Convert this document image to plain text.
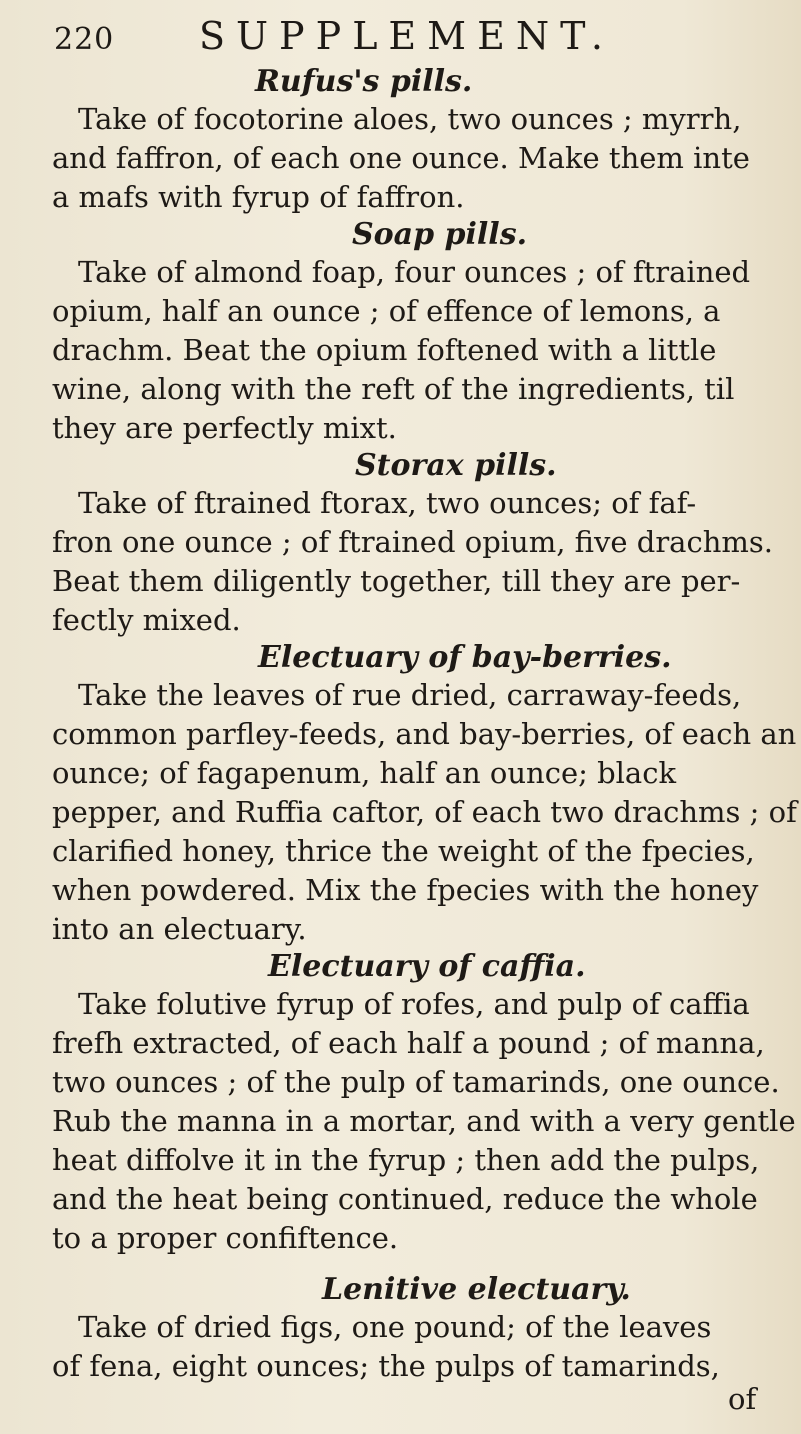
220 SUPPLEMENT.
Rufus's pills.
Take of focotorine aloes, two ounces ; myrrh,
and faffron, of each one ounce. Make them inte
a mafs with fyrup of faffron.
Soap pills.
Take of almond foap, four ounces ; of ftrained
opium, half an ounce ; of effence of lemons, a
drachm. Beat the opium foftened with a little
wine, along with the reft of the ingredients, til
they are perfectly mixt.
Storax pills.
Take of ftrained ftorax, two ounces; of faf-
fron one ounce ; of ftrained opium, five drachms.
Beat them diligently together, till they are per-
fectly mixed.
Electuary of bay-berries.
Take the leaves of rue dried, carraway-feeds,
common parfley-feeds, and bay-berries, of each an
ounce; of fagapenum, half an ounce; black
pepper, and Ruffia caftor, of each two drachms ; of
clarified honey, thrice the weight of the fpecies,
when powdered. Mix the fpecies with the honey
into an electuary.
Electuary of caffia.
Take folutive fyrup of rofes, and pulp of caffia
frefh extracted, of each half a pound ; of manna,
two ounces ; of the pulp of tamarinds, one ounce.
Rub the manna in a mortar, and with a very gentle
heat diffolve it in the fyrup ; then add the pulps,
and the heat being continued, reduce the whole
to a proper confiftence.
Lenitive electuary.
Take of dried figs, one pound; of the leaves
of fena, eight ounces; the pulps of tamarinds,
of
